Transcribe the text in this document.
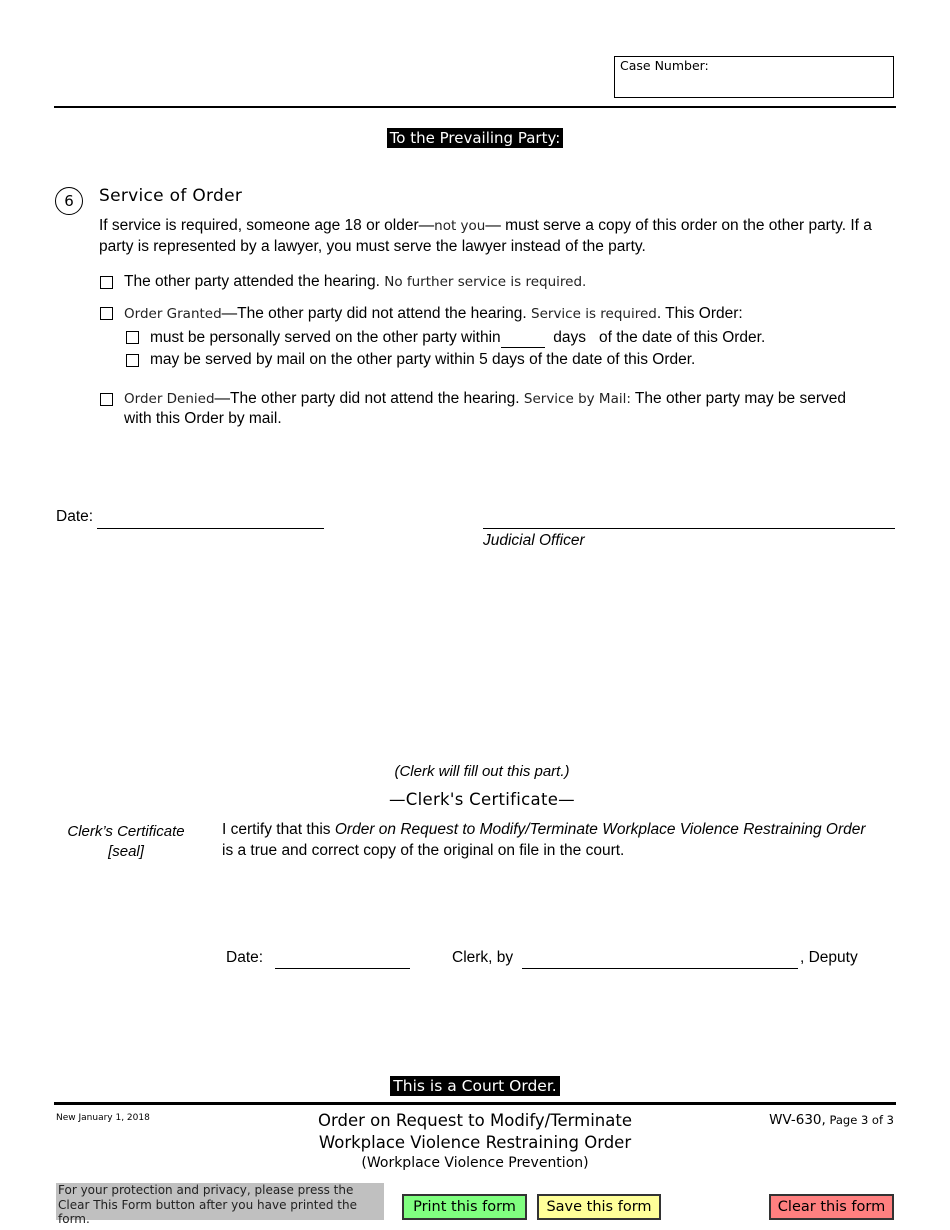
Case Number:
To the Prevailing Party:
6	Service of Order
If service is required, someone age 18 or older—not you— must serve a copy of this order on the other party. If a party is represented by a lawyer, you must serve the lawyer instead of the party.
The other party attended the hearing. No further service is required.
Order Granted—The other party did not attend the hearing. Service is required. This Order:
must be personally served on the other party within	days of the date of this Order.
may be served by mail on the other party within 5 days of the date of this Order.
Order Denied—The other party did not attend the hearing. Service by Mail: The other party may be served
with this Order by mail.
Date:
Judicial Officer
(Clerk will fill out this part.)
—Clerk's Certificate—
Clerk’s Certificate
[seal]
I certify that this Order on Request to Modify/Terminate Workplace Violence Restraining Order
is a true and correct copy of the original on file in the court.
Date:	Clerk, by	, Deputy
This is a Court Order.
New January 1, 2018	Order on Request to Modify/Terminate
Workplace Violence Restraining Order
(Workplace Violence Prevention)
WV-630, Page 3 of 3
For your protection and privacy, please press the Clear This Form button after you have printed the form.
Print this form	Save this form	Clear this form
